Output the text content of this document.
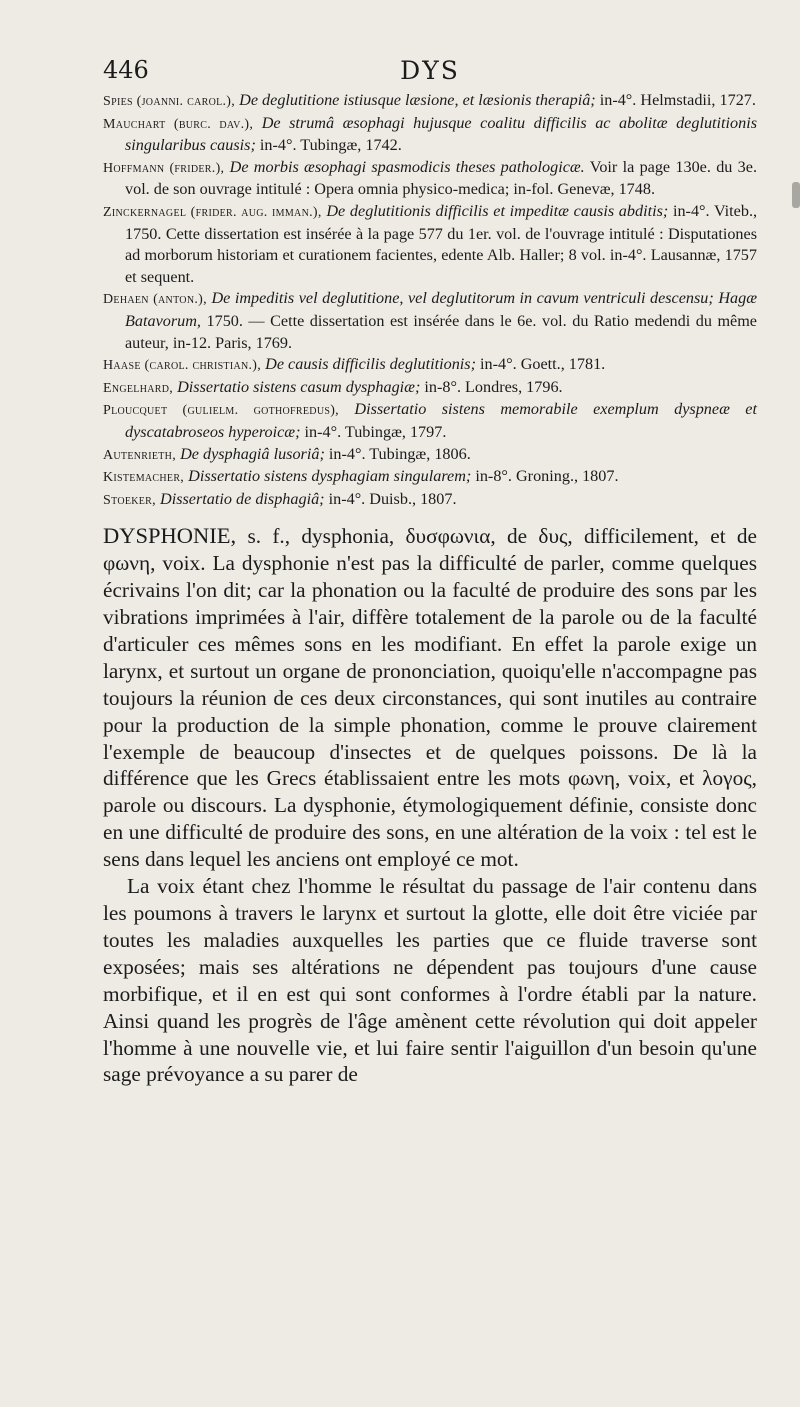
446	DYS

Spies (joanni. carol.), De deglutitione istiusque læsione, et læsionis therapiâ; in-4°. Helmstadii, 1727.

Mauchart (burc. dav.), De strumâ æsophagi hujusque coalitu difficilis ac abolitæ deglutitionis singularibus causis; in-4°. Tubingæ, 1742.

Hoffmann (frider.), De morbis æsophagi spasmodicis theses pathologicæ. Voir la page 130e. du 3e. vol. de son ouvrage intitulé : Opera omnia physico-medica; in-fol. Genevæ, 1748.

Zinckernagel (frider. aug. imman.), De deglutitionis difficilis et impeditæ causis abditis; in-4°. Viteb., 1750. Cette dissertation est insérée à la page 577 du 1er. vol. de l'ouvrage intitulé : Disputationes ad morborum historiam et curationem facientes, edente Alb. Haller; 8 vol. in-4°. Lausannæ, 1757 et sequent.

Dehaen (anton.), De impeditis vel deglutitione, vel deglutitorum in cavum ventriculi descensu; Hagæ Batavorum, 1750. — Cette dissertation est insérée dans le 6e. vol. du Ratio medendi du même auteur, in-12. Paris, 1769.

Haase (carol. christian.), De causis difficilis deglutitionis; in-4°. Goett., 1781.

Engelhard, Dissertatio sistens casum dysphagiæ; in-8°. Londres, 1796.

Ploucquet (gulielm. gothofredus), Dissertatio sistens memorabile exemplum dyspneæ et dyscatabroseos hyperoicæ; in-4°. Tubingæ, 1797.

Autenrieth, De dysphagiâ lusoriâ; in-4°. Tubingæ, 1806.

Kistemacher, Dissertatio sistens dysphagiam singularem; in-8°. Groning., 1807.

Stoeker, Dissertatio de disphagiâ; in-4°. Duisb., 1807.

DYSPHONIE, s. f., dysphonia, δυσφωνια, de δυς, difficilement, et de φωνη, voix. La dysphonie n'est pas la difficulté de parler, comme quelques écrivains l'on dit; car la phonation ou la faculté de produire des sons par les vibrations imprimées à l'air, diffère totalement de la parole ou de la faculté d'articuler ces mêmes sons en les modifiant. En effet la parole exige un larynx, et surtout un organe de prononciation, quoiqu'elle n'accompagne pas toujours la réunion de ces deux circonstances, qui sont inutiles au contraire pour la production de la simple phonation, comme le prouve clairement l'exemple de beaucoup d'insectes et de quelques poissons. De là la différence que les Grecs établissaient entre les mots φωνη, voix, et λογος, parole ou discours. La dysphonie, étymologiquement définie, consiste donc en une difficulté de produire des sons, en une altération de la voix : tel est le sens dans lequel les anciens ont employé ce mot.

La voix étant chez l'homme le résultat du passage de l'air contenu dans les poumons à travers le larynx et surtout la glotte, elle doit être viciée par toutes les maladies auxquelles les parties que ce fluide traverse sont exposées; mais ses altérations ne dépendent pas toujours d'une cause morbifique, et il en est qui sont conformes à l'ordre établi par la nature. Ainsi quand les progrès de l'âge amènent cette révolution qui doit appeler l'homme à une nouvelle vie, et lui faire sentir l'aiguillon d'un besoin qu'une sage prévoyance a su parer de
